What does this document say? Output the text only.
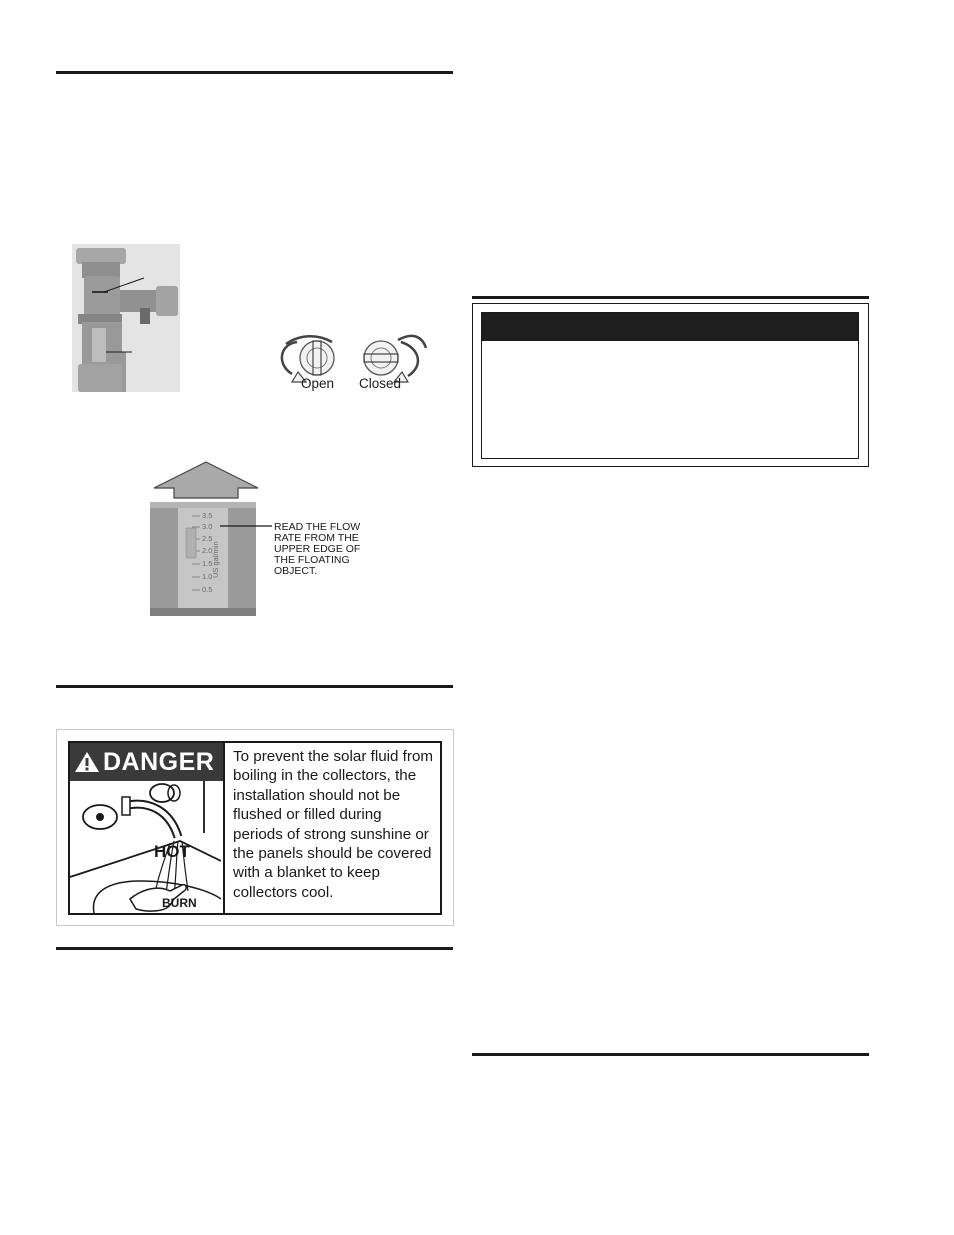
Open Closed
3.5
3.0
2.5
2.0
1.5
1.0
0.5
US gal/min
READ THE FLOW
RATE FROM THE
UPPER EDGE OF
THE FLOATING
OBJECT.
DANGER
HOT
BURN
To prevent the solar fluid from boiling in the collectors, the installation should not be flushed or filled during periods of strong sunshine or the panels should be covered with a blanket to keep collectors cool.
